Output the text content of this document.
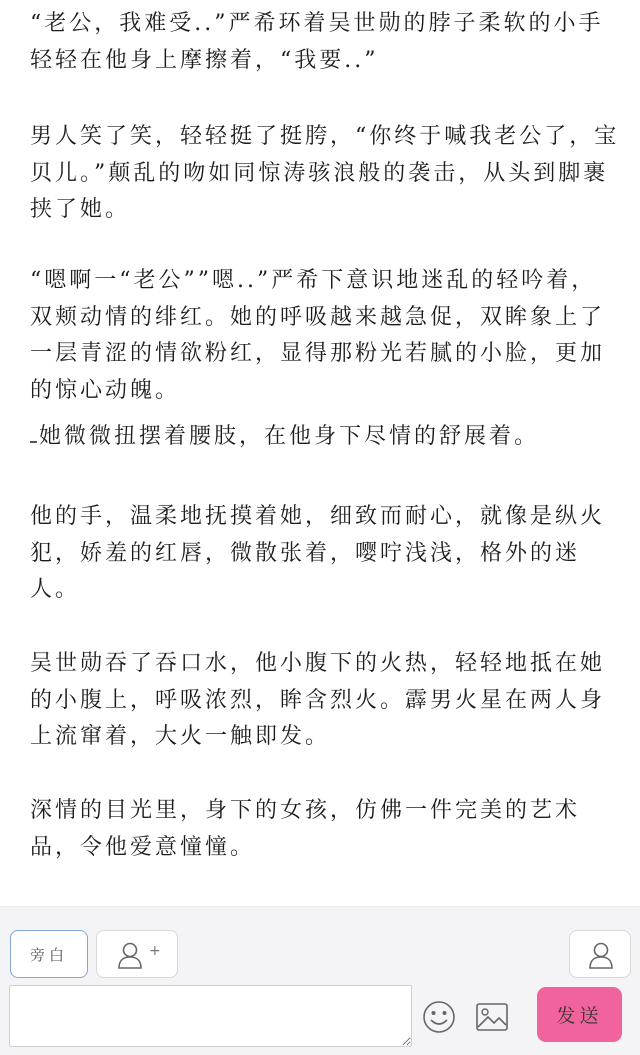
“老公，我难受..”严希环着吴世勋的脖子柔软的小手轻轻在他身上摩擦着，“我要..”

男人笑了笑，轻轻挺了挺胯，“你终于喊我老公了，宝贝儿。”颠乱的吻如同惊涛骇浪般的袭击，从头到脚裹挟了她。

“嗯啊一“老公””嗯..”严希下意识地迷乱的轻吟着，双颊动情的绯红。她的呼吸越来越急促，双眸象上了一层青涩的情欲粉红，显得那粉光若腻的小脸，更加的惊心动魄。

她微微扭摆着腰肢，在他身下尽情的舒展着。

他的手，温柔地抚摸着她，细致而耐心，就像是纵火犯，娇羞的红唇，微散张着，嘤咛浅浅，格外的迷人。

吴世勋吞了吞口水，他小腹下的火热，轻轻地抵在她的小腹上，呼吸浓烈，眸含烈火。霹男火星在两人身上流窜着，大火一触即发。

深情的目光里，身下的女孩，仿佛一件完美的艺术品，令他爱意憧憧。

旁白	+
发送
